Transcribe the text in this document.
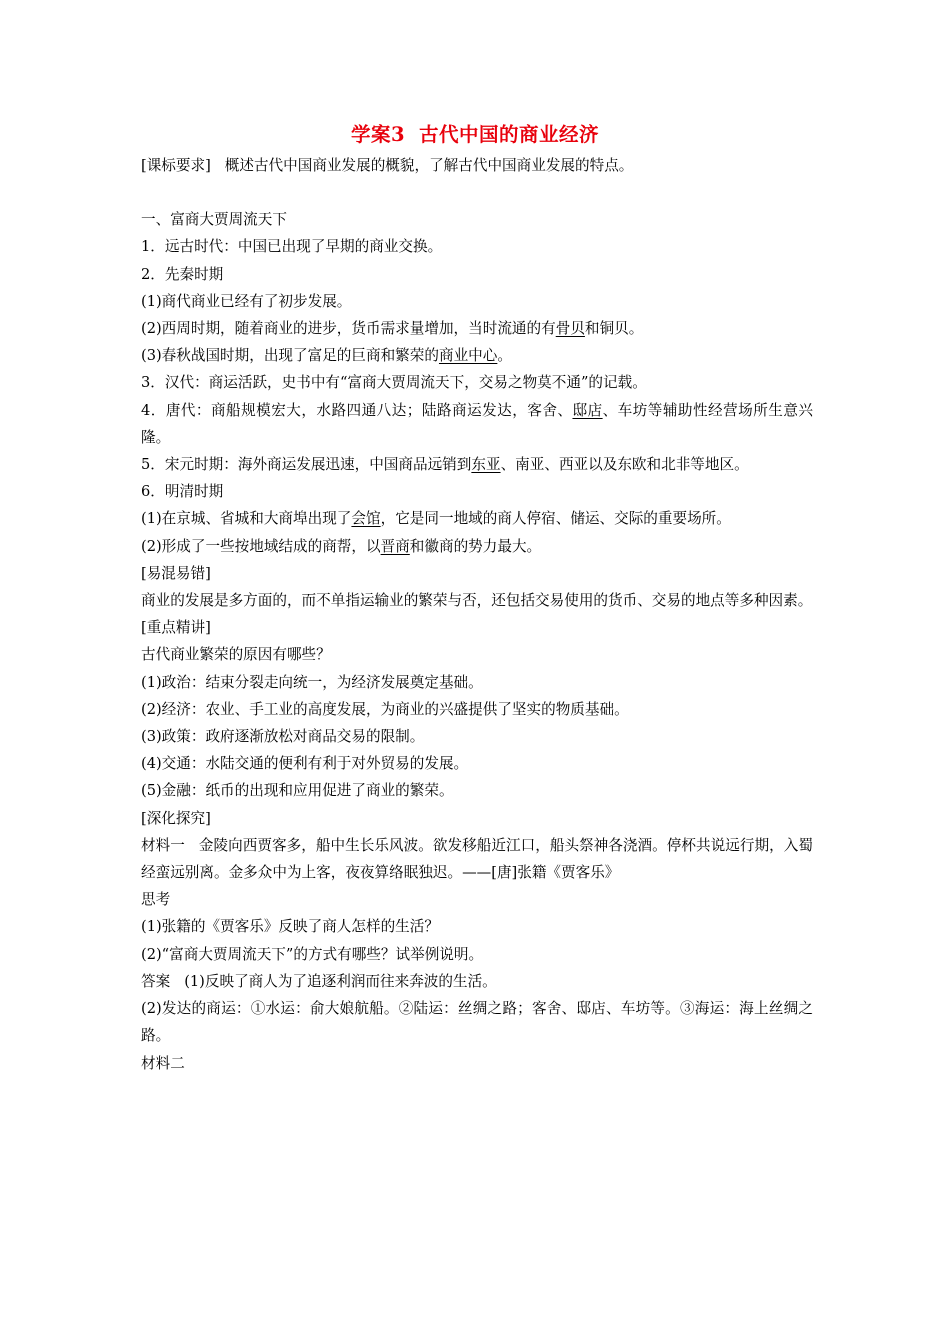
学案3 古代中国的商业经济
[课标要求] 概述古代中国商业发展的概貌，了解古代中国商业发展的特点。
一、富商大贾周流天下
1．远古时代：中国已出现了早期的商业交换。
2．先秦时期
(1)商代商业已经有了初步发展。
(2)西周时期，随着商业的进步，货币需求量增加，当时流通的有骨贝和铜贝。
(3)春秋战国时期，出现了富足的巨商和繁荣的商业中心。
3．汉代：商运活跃，史书中有“富商大贾周流天下，交易之物莫不通”的记载。
4．唐代：商船规模宏大，水路四通八达；陆路商运发达，客舍、邸店、车坊等辅助性经营场所生意兴隆。
5．宋元时期：海外商运发展迅速，中国商品远销到东亚、南亚、西亚以及东欧和北非等地区。
6．明清时期
(1)在京城、省城和大商埠出现了会馆，它是同一地域的商人停宿、储运、交际的重要场所。
(2)形成了一些按地域结成的商帮，以晋商和徽商的势力最大。
[易混易错]
商业的发展是多方面的，而不单指运输业的繁荣与否，还包括交易使用的货币、交易的地点等多种因素。
[重点精讲]
古代商业繁荣的原因有哪些？
(1)政治：结束分裂走向统一，为经济发展奠定基础。
(2)经济：农业、手工业的高度发展，为商业的兴盛提供了坚实的物质基础。
(3)政策：政府逐渐放松对商品交易的限制。
(4)交通：水陆交通的便利有利于对外贸易的发展。
(5)金融：纸币的出现和应用促进了商业的繁荣。
[深化探究]
材料一 金陵向西贾客多，船中生长乐风波。欲发移船近江口，船头祭神各浇酒。停杯共说远行期，入蜀经蛮远别离。金多众中为上客，夜夜算络眠独迟。——[唐]张籍《贾客乐》
思考
(1)张籍的《贾客乐》反映了商人怎样的生活？
(2)“富商大贾周流天下”的方式有哪些？试举例说明。
答案 (1)反映了商人为了追逐利润而往来奔波的生活。
(2)发达的商运：①水运：俞大娘航船。②陆运：丝绸之路；客舍、邸店、车坊等。③海运：海上丝绸之路。
材料二
